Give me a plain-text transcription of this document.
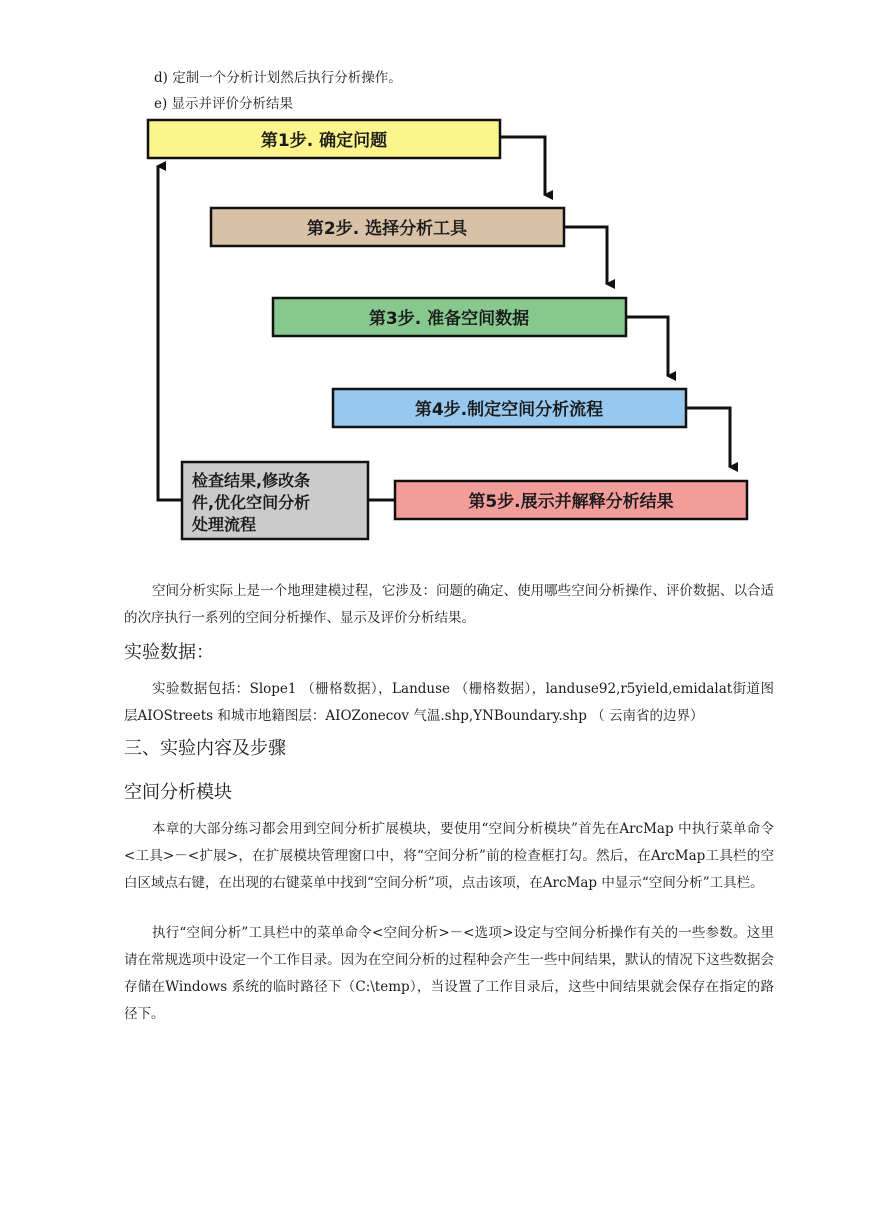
d) 定制一个分析计划然后执行分析操作。
e) 显示并评价分析结果
第1步. 确定问题
第2步. 选择分析工具
第3步. 准备空间数据
第4步.制定空间分析流程
第5步.展示并解释分析结果
检查结果,修改条
件,优化空间分析
处理流程
空间分析实际上是一个地理建模过程，它涉及：问题的确定、使用哪些空间分析操作、评价数据、以合适的次序执行一系列的空间分析操作、显示及评价分析结果。
实验数据：
实验数据包括：Slope1 （栅格数据），Landuse （栅格数据），landuse92,r5yield,emidalat街道图层AIOStreets 和城市地籍图层：AIOZonecov 气温.shp,YNBoundary.shp （ 云南省的边界）
三、实验内容及步骤
空间分析模块
本章的大部分练习都会用到空间分析扩展模块，要使用“空间分析模块”首先在ArcMap 中执行菜单命令<工具>－<扩展>，在扩展模块管理窗口中，将“空间分析”前的检查框打勾。然后，在ArcMap工具栏的空白区域点右键，在出现的右键菜单中找到“空间分析”项，点击该项，在ArcMap 中显示“空间分析”工具栏。
执行“空间分析”工具栏中的菜单命令<空间分析>－<选项>设定与空间分析操作有关的一些参数。这里请在常规选项中设定一个工作目录。因为在空间分析的过程种会产生一些中间结果，默认的情况下这些数据会存储在Windows 系统的临时路径下（C:\temp），当设置了工作目录后，这些中间结果就会保存在指定的路径下。
